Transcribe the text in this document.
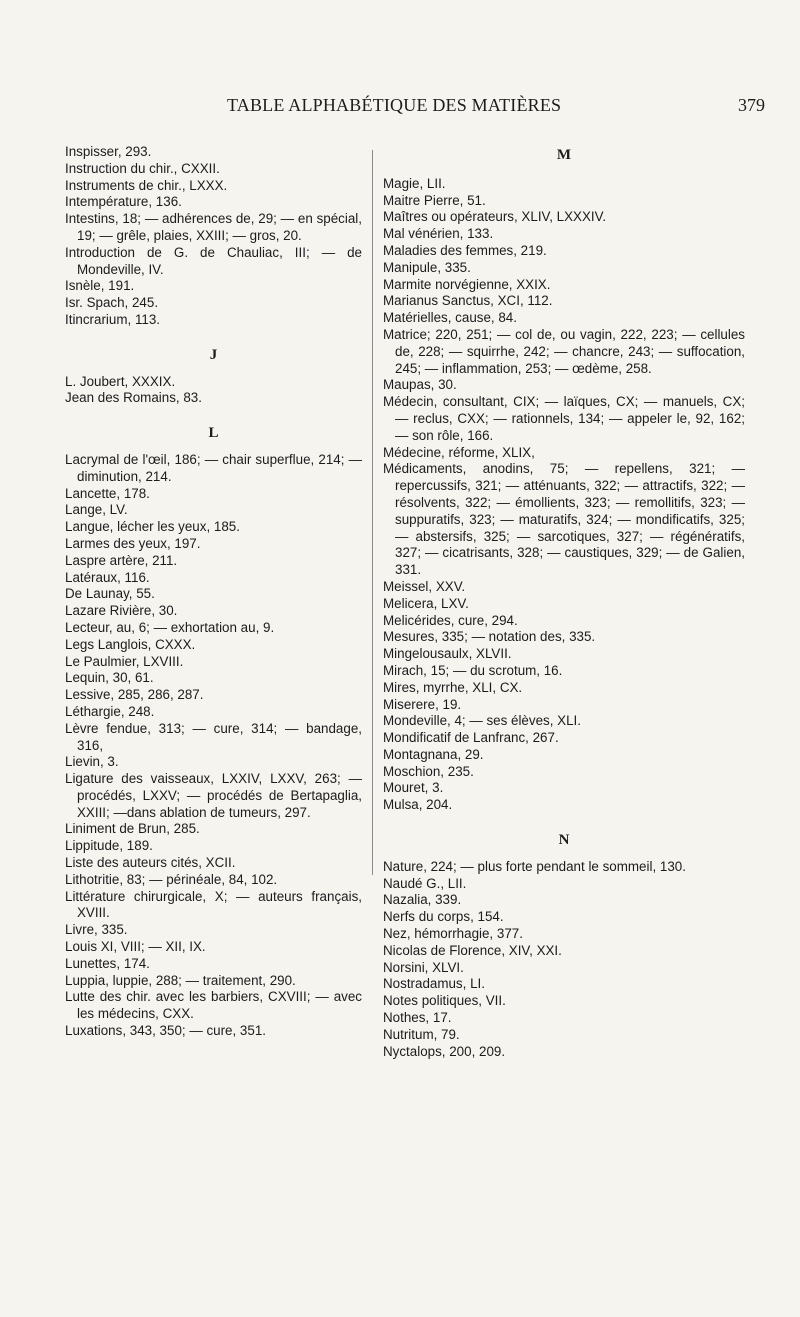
TABLE ALPHABÉTIQUE DES MATIÈRES	379
Inspisser, 293.
Instruction du chir., CXXII.
Instruments de chir., LXXX.
Intempérature, 136.
Intestins, 18; — adhérences de, 29; — en spécial, 19; — grêle, plaies, XXIII; — gros, 20.
Introduction de G. de Chauliac, III; — de Mondeville, IV.
Isnèle, 191.
Isr. Spach, 245.
Itincrarium, 113.
J
L. Joubert, XXXIX.
Jean des Romains, 83.
L
Lacrymal de l'œil, 186; — chair superflue, 214; — diminution, 214.
Lancette, 178.
Lange, LV.
Langue, lécher les yeux, 185.
Larmes des yeux, 197.
Laspre artère, 211.
Latéraux, 116.
De Launay, 55.
Lazare Rivière, 30.
Lecteur, au, 6; — exhortation au, 9.
Legs Langlois, CXXX.
Le Paulmier, LXVIII.
Lequin, 30, 61.
Lessive, 285, 286, 287.
Léthargie, 248.
Lèvre fendue, 313; — cure, 314; — bandage, 316,
Lievin, 3.
Ligature des vaisseaux, LXXIV, LXXV, 263; — procédés, LXXV; — procédés de Bertapaglia, XXIII; —dans ablation de tumeurs, 297.
Liniment de Brun, 285.
Lippitude, 189.
Liste des auteurs cités, XCII.
Lithotritie, 83; — périnéale, 84, 102.
Littérature chirurgicale, X; — auteurs français, XVIII.
Livre, 335.
Louis XI, VIII; — XII, IX.
Lunettes, 174.
Luppia, luppie, 288; — traitement, 290.
Lutte des chir. avec les barbiers, CXVIII; — avec les médecins, CXX.
Luxations, 343, 350; — cure, 351.
M
Magie, LII.
Maitre Pierre, 51.
Maîtres ou opérateurs, XLIV, LXXXIV.
Mal vénérien, 133.
Maladies des femmes, 219.
Manipule, 335.
Marmite norvégienne, XXIX.
Marianus Sanctus, XCI, 112.
Matérielles, cause, 84.
Matrice; 220, 251; — col de, ou vagin, 222, 223; — cellules de, 228; — squirrhe, 242; — chancre, 243; — suffocation, 245; — inflammation, 253; — œdème, 258.
Maupas, 30.
Médecin, consultant, CIX; — laïques, CX; — manuels, CX; — reclus, CXX; — rationnels, 134; — appeler le, 92, 162; — son rôle, 166.
Médecine, réforme, XLIX,
Médicaments, anodins, 75; — repellens, 321; — repercussifs, 321; — atténuants, 322; — attractifs, 322; — résolvents, 322; — émollients, 323; — remollitifs, 323; — suppuratifs, 323; — maturatifs, 324; — mondificatifs, 325; — abstersifs, 325; — sarcotiques, 327; — régénératifs, 327; — cicatrisants, 328; — caustiques, 329; — de Galien, 331.
Meissel, XXV.
Melicera, LXV.
Melicérides, cure, 294.
Mesures, 335; — notation des, 335.
Mingelousaulx, XLVII.
Mirach, 15; — du scrotum, 16.
Mires, myrrhe, XLI, CX.
Miserere, 19.
Mondeville, 4; — ses élèves, XLI.
Mondificatif de Lanfranc, 267.
Montagnana, 29.
Moschion, 235.
Mouret, 3.
Mulsa, 204.
N
Nature, 224; — plus forte pendant le sommeil, 130.
Naudé G., LII.
Nazalia, 339.
Nerfs du corps, 154.
Nez, hémorrhagie, 377.
Nicolas de Florence, XIV, XXI.
Norsini, XLVI.
Nostradamus, LI.
Notes politiques, VII.
Nothes, 17.
Nutritum, 79.
Nyctalops, 200, 209.
